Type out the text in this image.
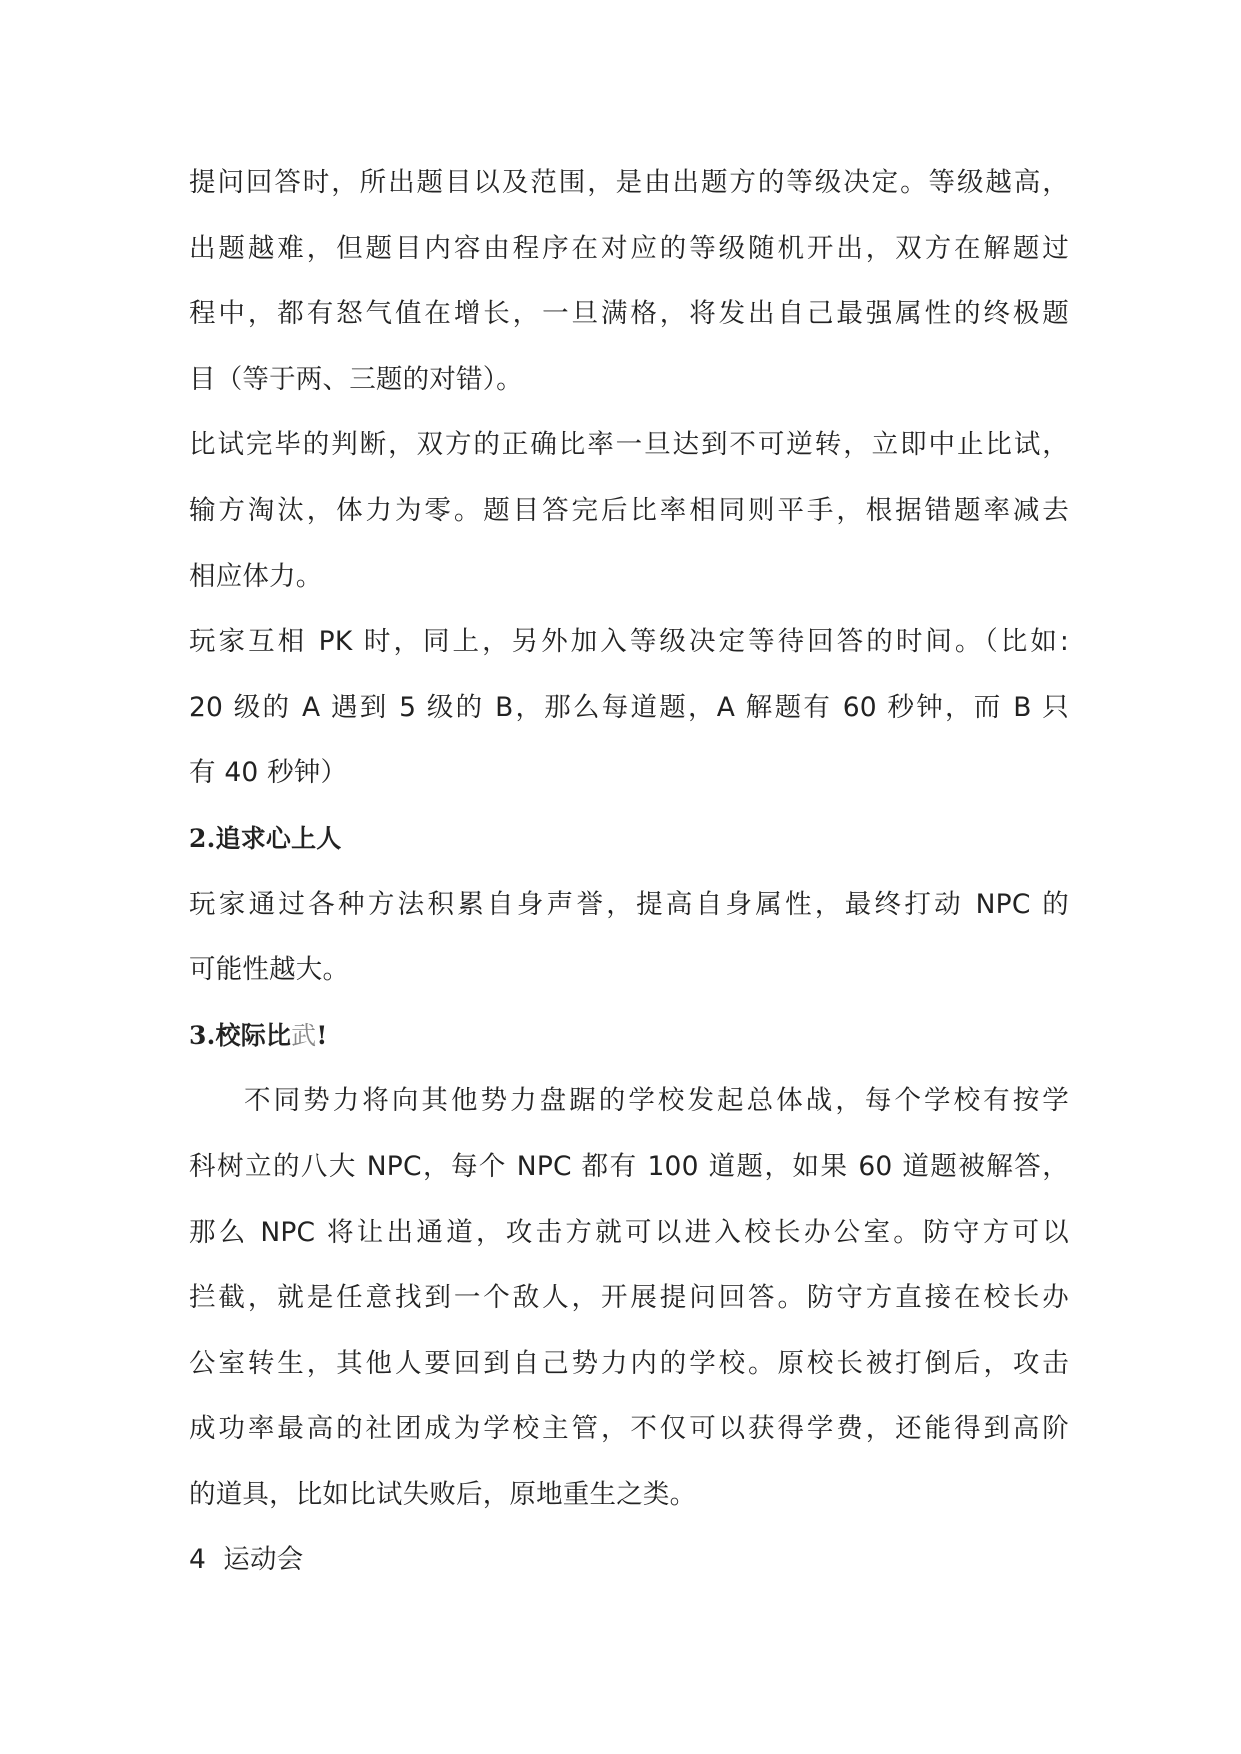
提问回答时，所出题目以及范围，是由出题方的等级决定。等级越高，
出题越难，但题目内容由程序在对应的等级随机开出，双方在解题过
程中，都有怒气值在增长，一旦满格，将发出自己最强属性的终极题
目（等于两、三题的对错）。
比试完毕的判断，双方的正确比率一旦达到不可逆转，立即中止比试，
输方淘汰，体力为零。题目答完后比率相同则平手，根据错题率减去
相应体力。
玩家互相 PK 时，同上，另外加入等级决定等待回答的时间。（比如:
20 级的 A 遇到 5 级的 B，那么每道题，A 解题有 60 秒钟，而 B 只
有 40 秒钟）
2.追求心上人
玩家通过各种方法积累自身声誉，提高自身属性，最终打动 NPC 的
可能性越大。
3.校际比武!
不同势力将向其他势力盘踞的学校发起总体战，每个学校有按学
科树立的八大 NPC，每个 NPC 都有 100 道题，如果 60 道题被解答，
那么 NPC 将让出通道，攻击方就可以进入校长办公室。防守方可以
拦截，就是任意找到一个敌人，开展提问回答。防守方直接在校长办
公室转生，其他人要回到自己势力内的学校。原校长被打倒后，攻击
成功率最高的社团成为学校主管，不仅可以获得学费，还能得到高阶
的道具，比如比试失败后，原地重生之类。
4  运动会
